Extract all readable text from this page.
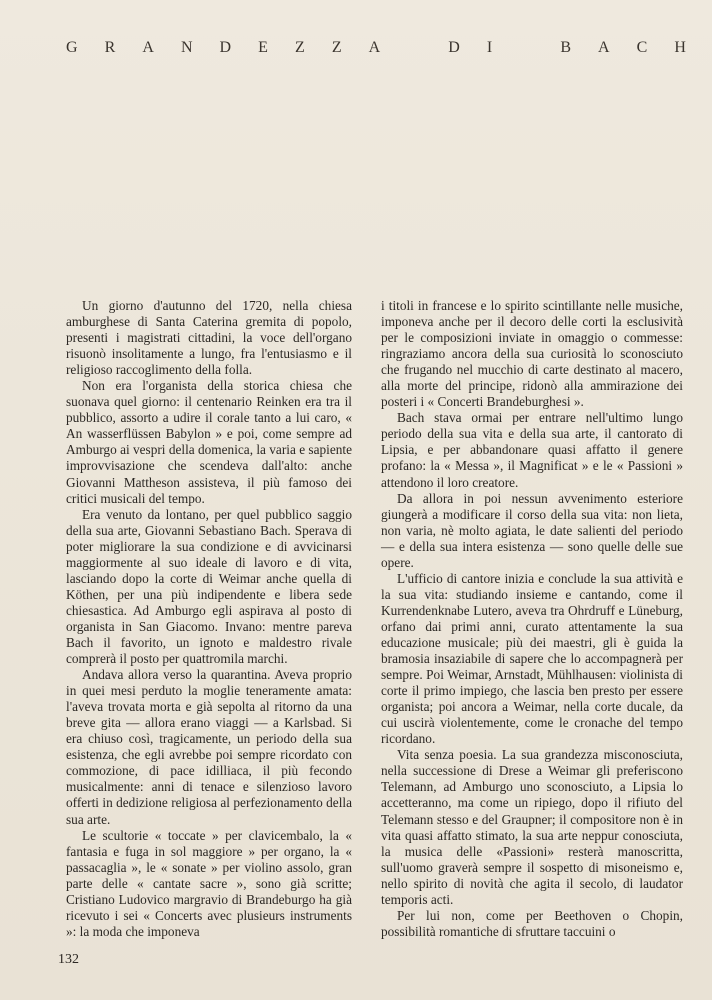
G R A N D E Z Z A	D I	B A C H

Un giorno d'autunno del 1720, nella chiesa amburghese di Santa Caterina gremita di popolo, presenti i magistrati cittadini, la voce dell'organo risuonò insolitamente a lungo, fra l'entusiasmo e il religioso raccoglimento della folla.

Non era l'organista della storica chiesa che suonava quel giorno: il centenario Reinken era tra il pubblico, assorto a udire il corale tanto a lui caro, « An wasserflüssen Babylon » e poi, come sempre ad Amburgo ai vespri della domenica, la varia e sapiente improvvisazione che scendeva dall'alto: anche Giovanni Mattheson assisteva, il più famoso dei critici musicali del tempo.

Era venuto da lontano, per quel pubblico saggio della sua arte, Giovanni Sebastiano Bach. Sperava di poter migliorare la sua condizione e di avvicinarsi maggiormente al suo ideale di lavoro e di vita, lasciando dopo la corte di Weimar anche quella di Köthen, per una più indipendente e libera sede chiesastica. Ad Amburgo egli aspirava al posto di organista in San Giacomo. Invano: mentre pareva Bach il favorito, un ignoto e maldestro rivale comprerà il posto per quattromila marchi.

Andava allora verso la quarantina. Aveva proprio in quei mesi perduto la moglie teneramente amata: l'aveva trovata morta e già sepolta al ritorno da una breve gita — allora erano viaggi — a Karlsbad. Si era chiuso così, tragicamente, un periodo della sua esistenza, che egli avrebbe poi sempre ricordato con commozione, di pace idilliaca, il più fecondo musicalmente: anni di tenace e silenzioso lavoro offerti in dedizione religiosa al perfezionamento della sua arte.

Le scultorie « toccate » per clavicembalo, la « fantasia e fuga in sol maggiore » per organo, la « passacaglia », le « sonate » per violino assolo, gran parte delle « cantate sacre », sono già scritte; Cristiano Ludovico margravio di Brandeburgo ha già ricevuto i sei « Concerts avec plusieurs instruments »: la moda che imponeva

i titoli in francese e lo spirito scintillante nelle musiche, imponeva anche per il decoro delle corti la esclusività per le composizioni inviate in omaggio o commesse: ringraziamo ancora della sua curiosità lo sconosciuto che frugando nel mucchio di carte destinato al macero, alla morte del principe, ridonò alla ammirazione dei posteri i « Concerti Brandeburghesi ».

Bach stava ormai per entrare nell'ultimo lungo periodo della sua vita e della sua arte, il cantorato di Lipsia, e per abbandonare quasi affatto il genere profano: la « Messa », il Magnificat » e le « Passioni » attendono il loro creatore.

Da allora in poi nessun avvenimento esteriore giungerà a modificare il corso della sua vita: non lieta, non varia, nè molto agiata, le date salienti del periodo — e della sua intera esistenza — sono quelle delle sue opere.

L'ufficio di cantore inizia e conclude la sua attività e la sua vita: studiando insieme e cantando, come il Kurrendenknabe Lutero, aveva tra Ohrdruff e Lüneburg, orfano dai primi anni, curato attentamente la sua educazione musicale; più dei maestri, gli è guida la bramosia insaziabile di sapere che lo accompagnerà per sempre. Poi Weimar, Arnstadt, Mühlhausen: violinista di corte il primo impiego, che lascia ben presto per essere organista; poi ancora a Weimar, nella corte ducale, da cui uscirà violentemente, come le cronache del tempo ricordano.

Vita senza poesia. La sua grandezza misconosciuta, nella successione di Drese a Weimar gli preferiscono Telemann, ad Amburgo uno sconosciuto, a Lipsia lo accetteranno, ma come un ripiego, dopo il rifiuto del Telemann stesso e del Graupner; il compositore non è in vita quasi affatto stimato, la sua arte neppur conosciuta, la musica delle «Passioni» resterà manoscritta, sull'uomo graverà sempre il sospetto di misoneismo e, nello spirito di novità che agita il secolo, di laudator temporis acti.

Per lui non, come per Beethoven o Chopin, possibilità romantiche di sfruttare taccuini o

132
